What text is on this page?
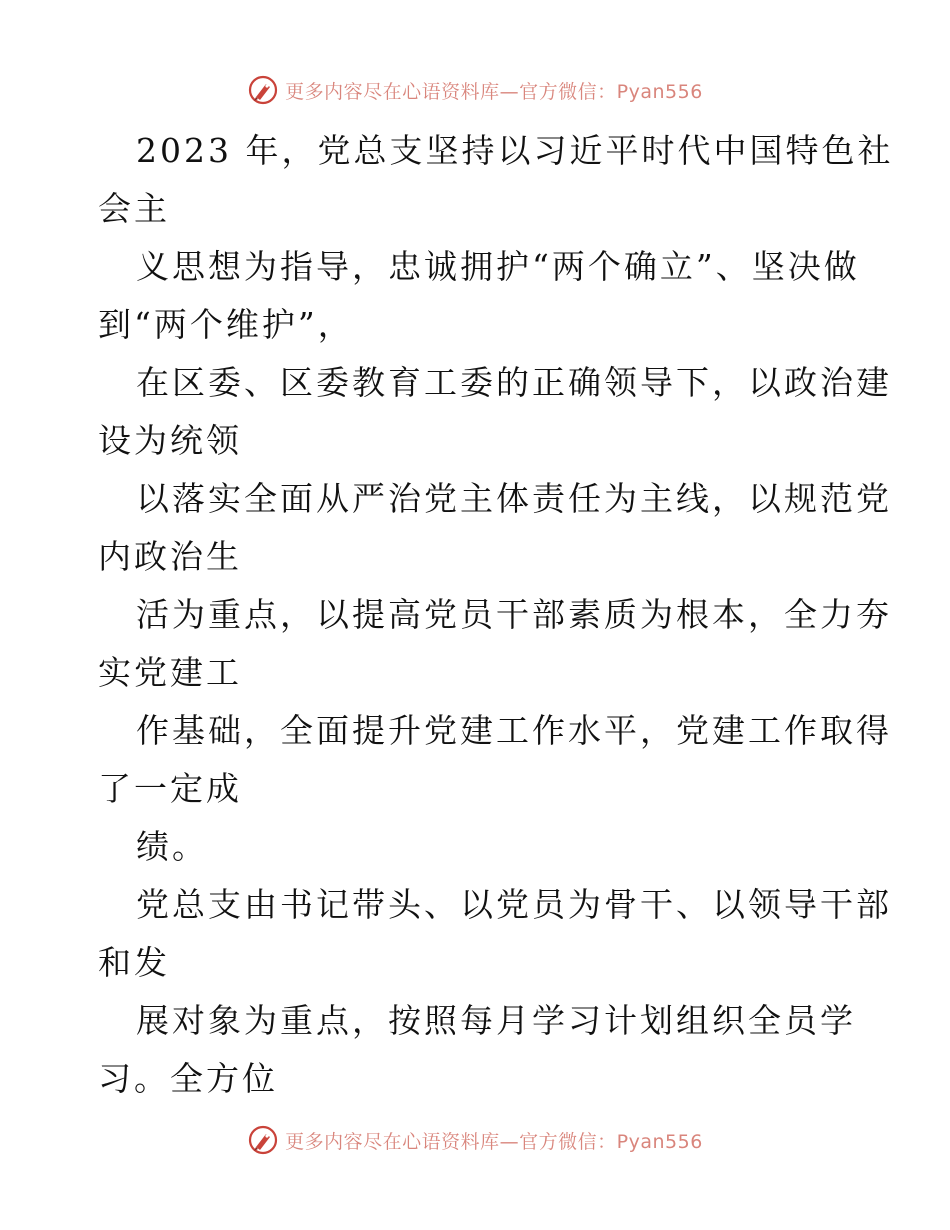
更多内容尽在心语资料库—官方微信：Pyan556
2023 年，党总支坚持以习近平时代中国特色社
会主
义思想为指导，忠诚拥护“两个确立”、坚决做
到“两个维护”，
在区委、区委教育工委的正确领导下，以政治建
设为统领
以落实全面从严治党主体责任为主线，以规范党
内政治生
活为重点，以提高党员干部素质为根本，全力夯
实党建工
作基础，全面提升党建工作水平，党建工作取得
了一定成
绩。
党总支由书记带头、以党员为骨干、以领导干部
和发
展对象为重点，按照每月学习计划组织全员学
习。全方位
更多内容尽在心语资料库—官方微信：Pyan556
